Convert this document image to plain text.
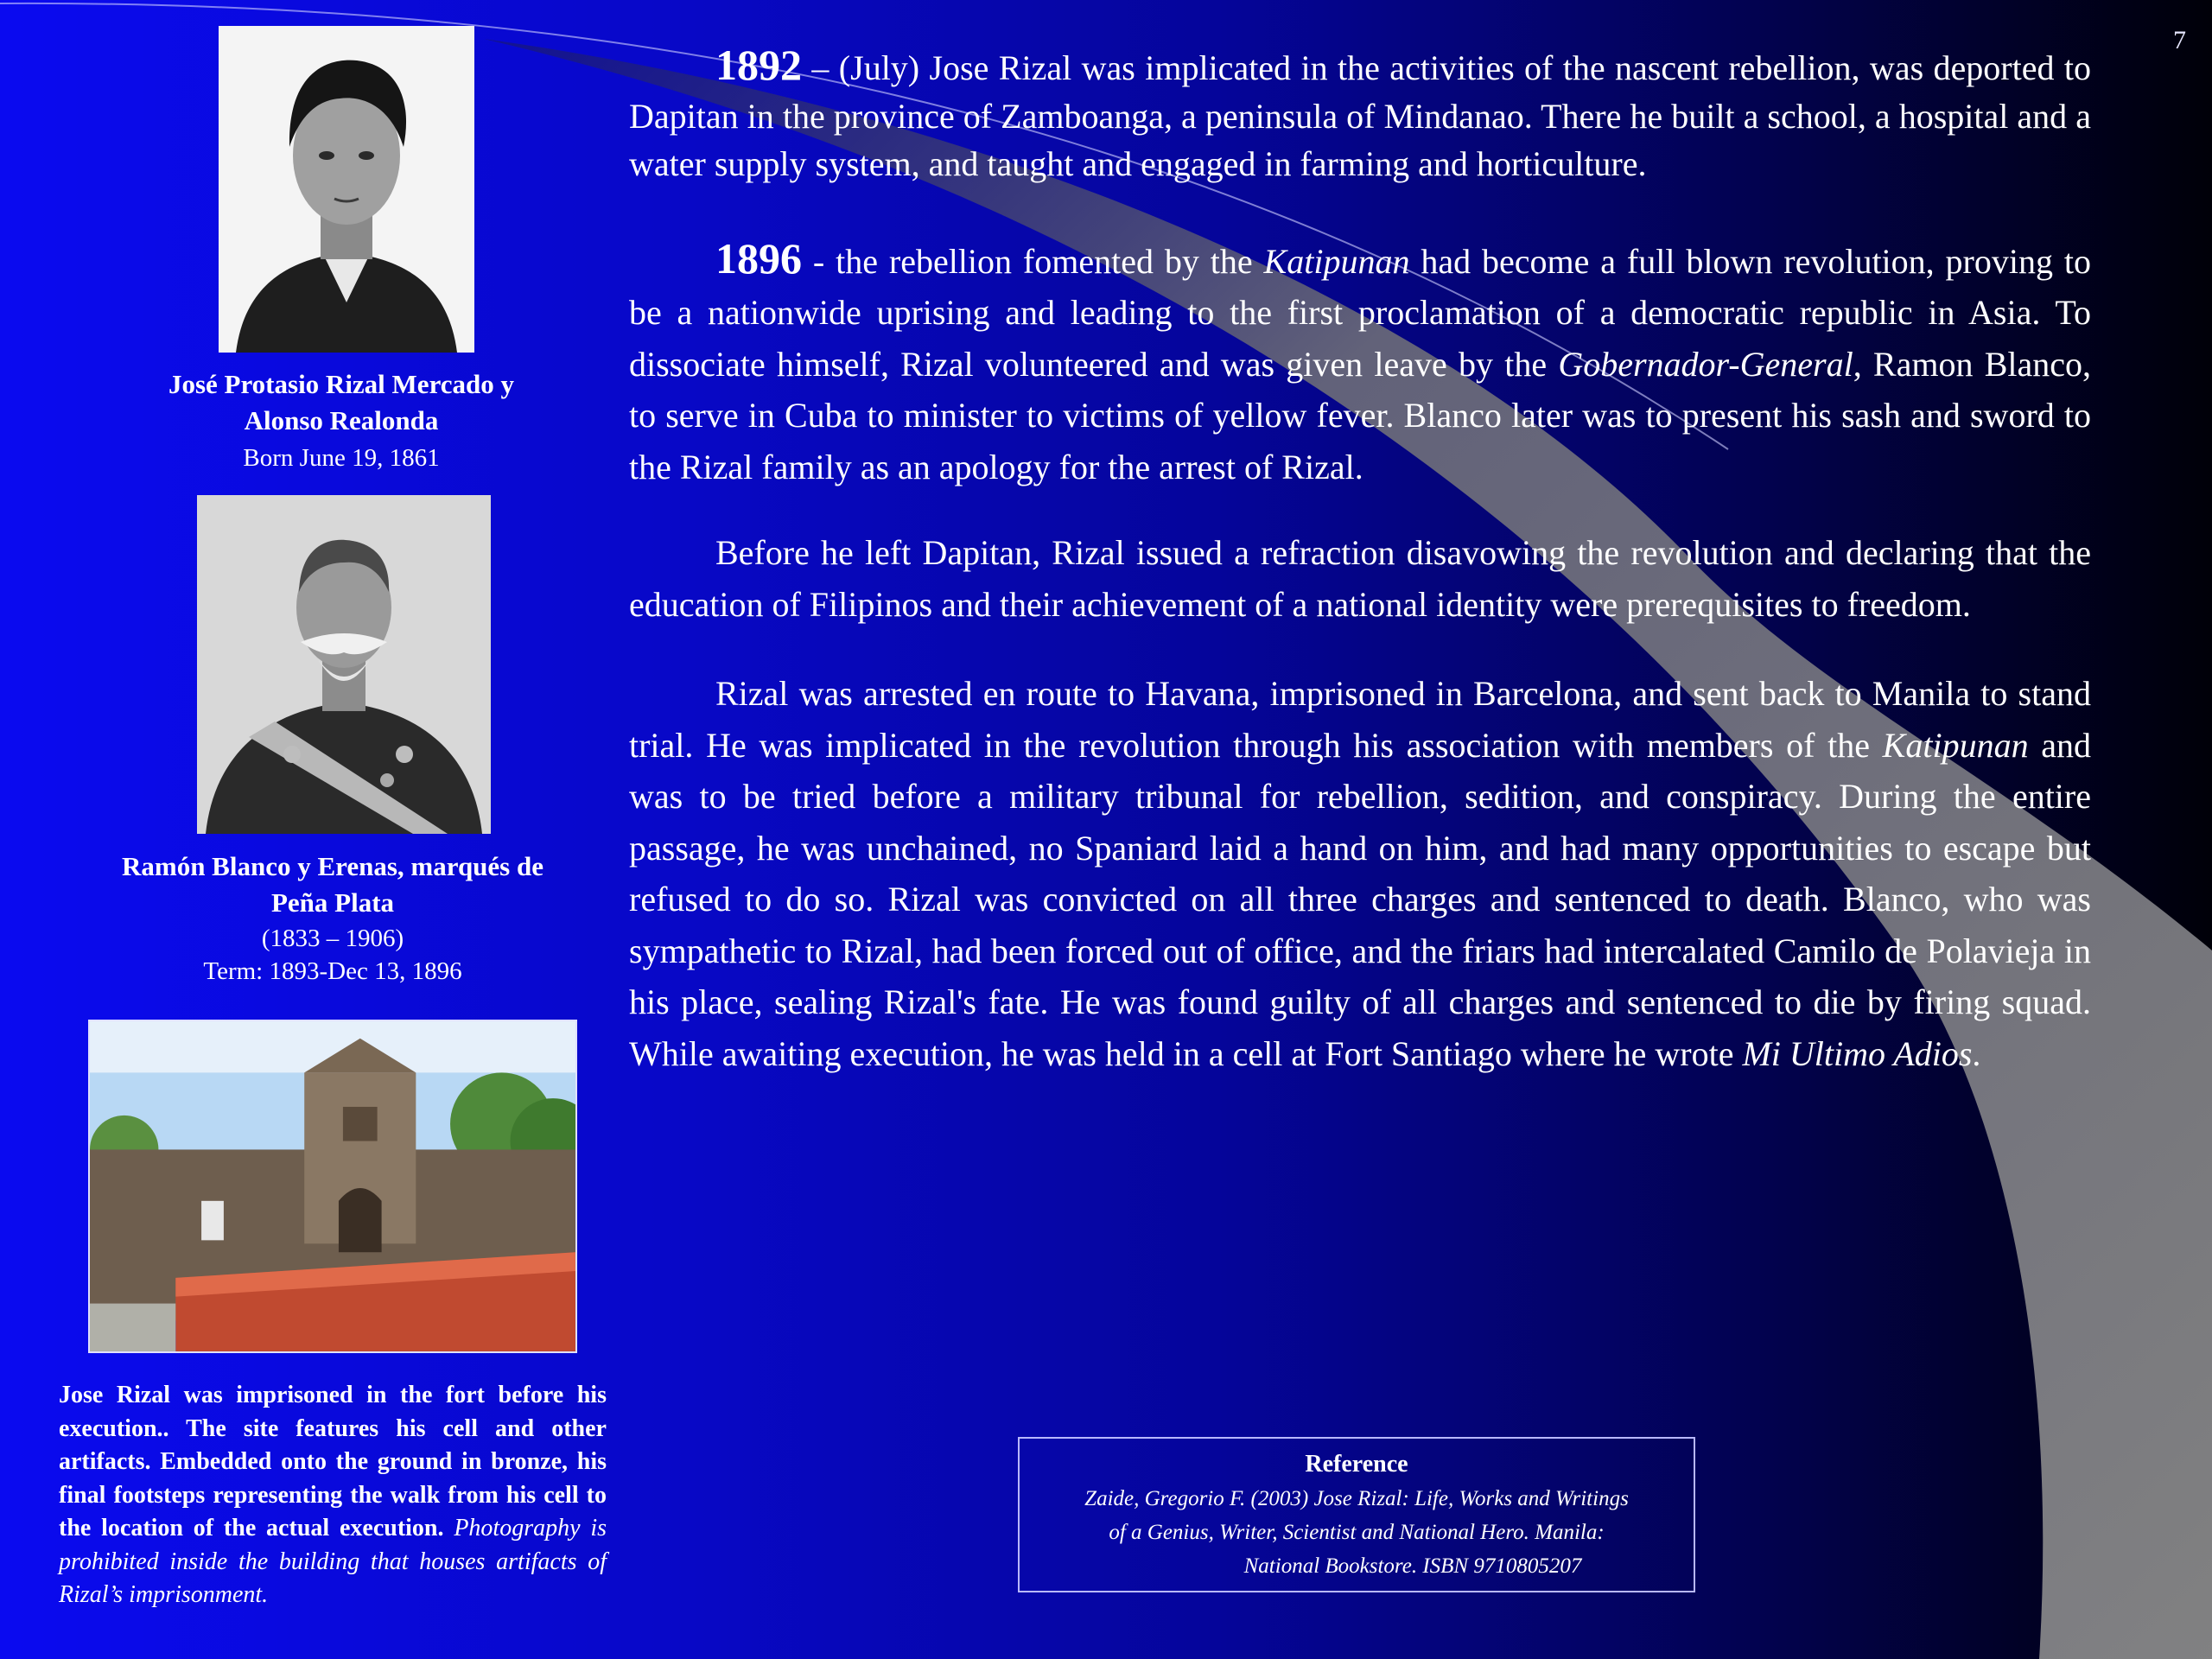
7
José Protasio Rizal Mercado y Alonso Realonda
Born June 19, 1861
Ramón Blanco y Erenas, marqués de Peña Plata
(1833 – 1906)
Term: 1893-Dec 13, 1896
Jose Rizal was imprisoned in the fort before his execution.. The site features his cell and other artifacts. Embedded onto the ground in bronze, his final footsteps representing the walk from his cell to the location of the actual execution. Photography is prohibited inside the building that houses artifacts of Rizal’s imprisonment.

1892 – (July) Jose Rizal was implicated in the activities of the nascent rebellion, was deported to Dapitan in the province of Zamboanga, a peninsula of Mindanao. There he built a school, a hospital and a water supply system, and taught and engaged in farming and horticulture.

1896 - the rebellion fomented by the Katipunan had become a full blown revolution, proving to be a nationwide uprising and leading to the first proclamation of a democratic republic in Asia. To dissociate himself, Rizal volunteered and was given leave by the Gobernador-General, Ramon Blanco, to serve in Cuba to minister to victims of yellow fever. Blanco later was to present his sash and sword to the Rizal family as an apology for the arrest of Rizal.

Before he left Dapitan, Rizal issued a refraction disavowing the revolution and declaring that the education of Filipinos and their achievement of a national identity were prerequisites to freedom.

Rizal was arrested en route to Havana, imprisoned in Barcelona, and sent back to Manila to stand trial. He was implicated in the revolution through his association with members of the Katipunan and was to be tried before a military tribunal for rebellion, sedition, and conspiracy. During the entire passage, he was unchained, no Spaniard laid a hand on him, and had many opportunities to escape but refused to do so. Rizal was convicted on all three charges and sentenced to death. Blanco, who was sympathetic to Rizal, had been forced out of office, and the friars had intercalated Camilo de Polavieja in his place, sealing Rizal's fate. He was found guilty of all charges and sentenced to die by firing squad. While awaiting execution, he was held in a cell at Fort Santiago where he wrote Mi Ultimo Adios.

Reference
Zaide, Gregorio F. (2003) Jose Rizal: Life, Works and Writings
of a Genius, Writer, Scientist and National Hero. Manila:
National Bookstore. ISBN 9710805207
